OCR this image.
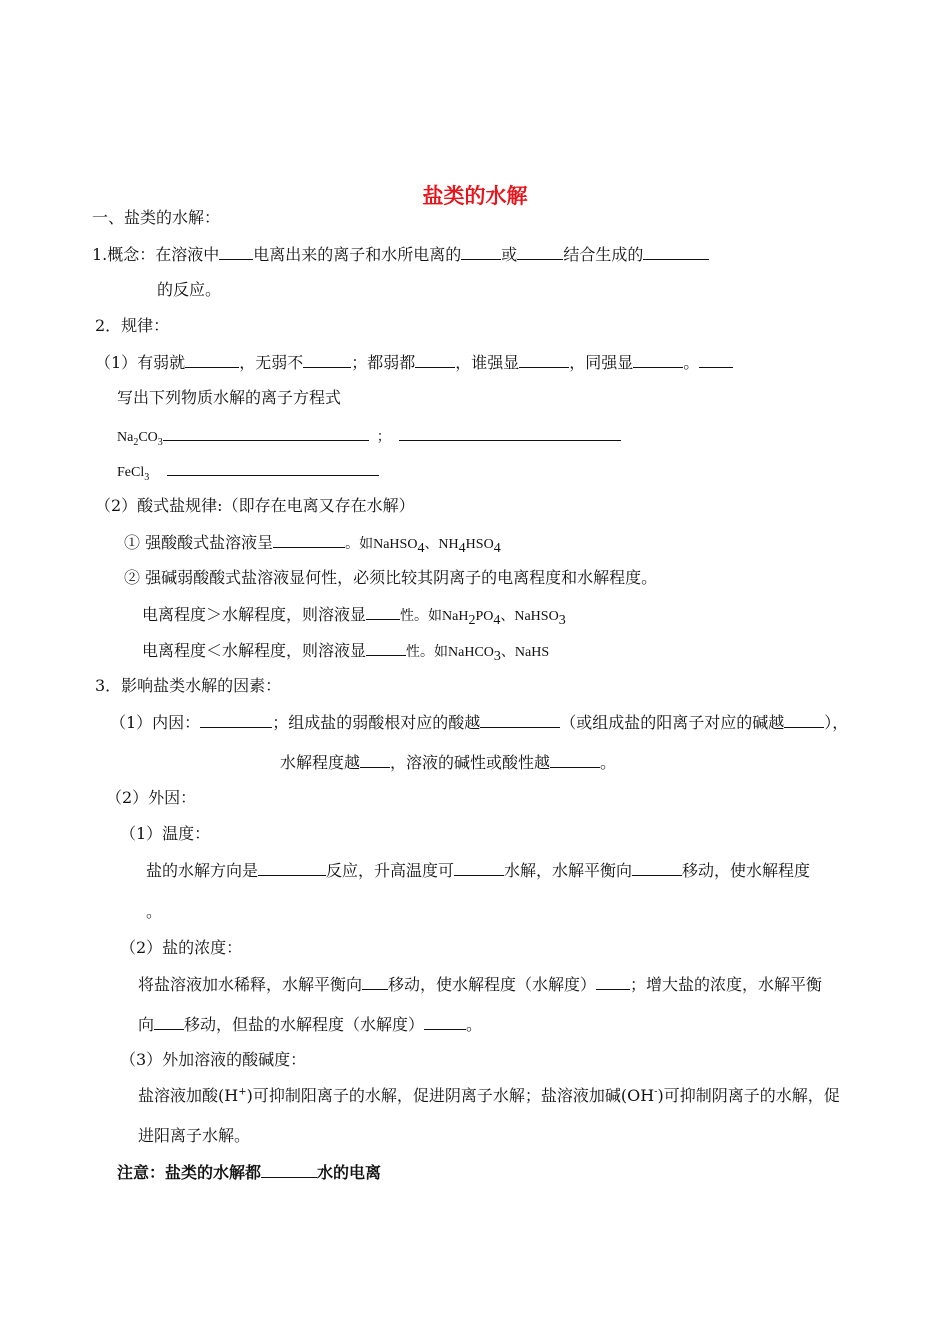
盐类的水解
一、盐类的水解：
1.概念：在溶液中 电离出来的离子和水所电离的	或	结合生成的
的反应。
2．规律：
（1）有弱就	，无弱不	；都弱都	，谁强显	，同强显	。
写出下列物质水解的离子方程式
$Na_2CO_3$	；
FeCl$_3$
（2）酸式盐规律:（即存在电离又存在水解）
① 强酸酸式盐溶液呈	。如NaHSO$_4$、$NH_4HSO_4$
② 强碱弱酸酸式盐溶液显何性，必须比较其阴离子的电离程度和水解程度。
电离程度＞水解程度，则溶液显 性。如$NaH_2PO_4$、NaHSO$_3$
电离程度＜水解程度，则溶液显	性。如NaHCO$_3$、NaHS
3．影响盐类水解的因素：
（1）内因：	；组成盐的弱酸根对应的酸越	（或组成盐的阳离子对应的碱越	），
水解程度越 ，溶液的碱性或酸性越	。
（2）外因：
（1）温度：
盐的水解方向是	反应，升高温度可	水解，水解平衡向	移动，使水解程度
。
（2）盐的浓度：
将盐溶液加水稀释，水解平衡向 移动，使水解程度（水解度） ；增大盐的浓度，水解平衡
向 移动，但盐的水解程度（水解度）	。
（3）外加溶液的酸碱度：
盐溶液加酸(H+)可抑制阳离子的水解，促进阴离子水解；盐溶液加碱(OH-)可抑制阴离子的水解，促
进阳离子水解。
注意：盐类的水解都	水的电离
